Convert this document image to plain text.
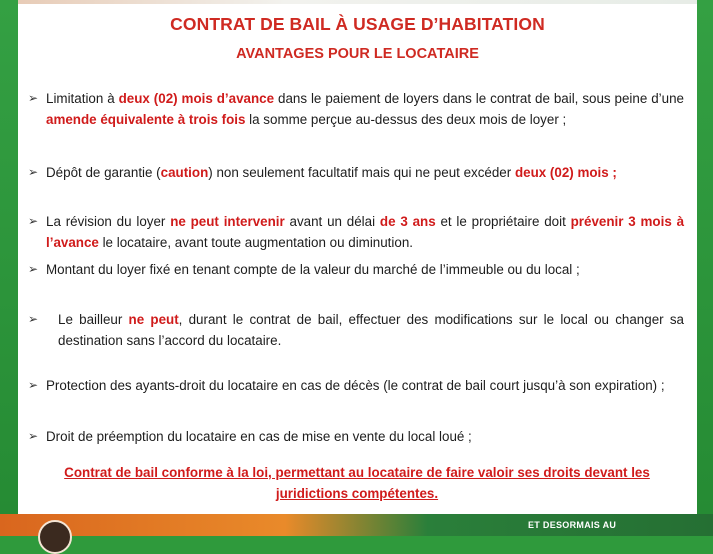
CONTRAT DE BAIL À USAGE D’HABITATION
AVANTAGES POUR LE LOCATAIRE
➢ Limitation à deux (02) mois d’avance dans le paiement de loyers dans le contrat de bail, sous peine d’une amende équivalente à trois fois la somme perçue au-dessus des deux mois de loyer ;
➢ Dépôt de garantie (caution) non seulement facultatif mais qui ne peut excéder deux (02) mois ;
➢ La révision du loyer ne peut intervenir avant un délai de 3 ans et le propriétaire doit prévenir 3 mois à l’avance le locataire, avant toute augmentation ou diminution.
➢ Montant du loyer fixé en tenant compte de la valeur du marché de l’immeuble ou du local ;
➢ Le bailleur ne peut, durant le contrat de bail, effectuer des modifications sur le local ou changer sa destination sans l’accord du locataire.
➢ Protection des ayants-droit du locataire en cas de décès (le contrat de bail court jusqu’à son expiration) ;
➢ Droit de préemption du locataire en cas de mise en vente du local loué ;
Contrat de bail conforme à la loi, permettant au locataire de faire valoir ses droits devant les juridictions compétentes.
ET DESORMAIS AU
